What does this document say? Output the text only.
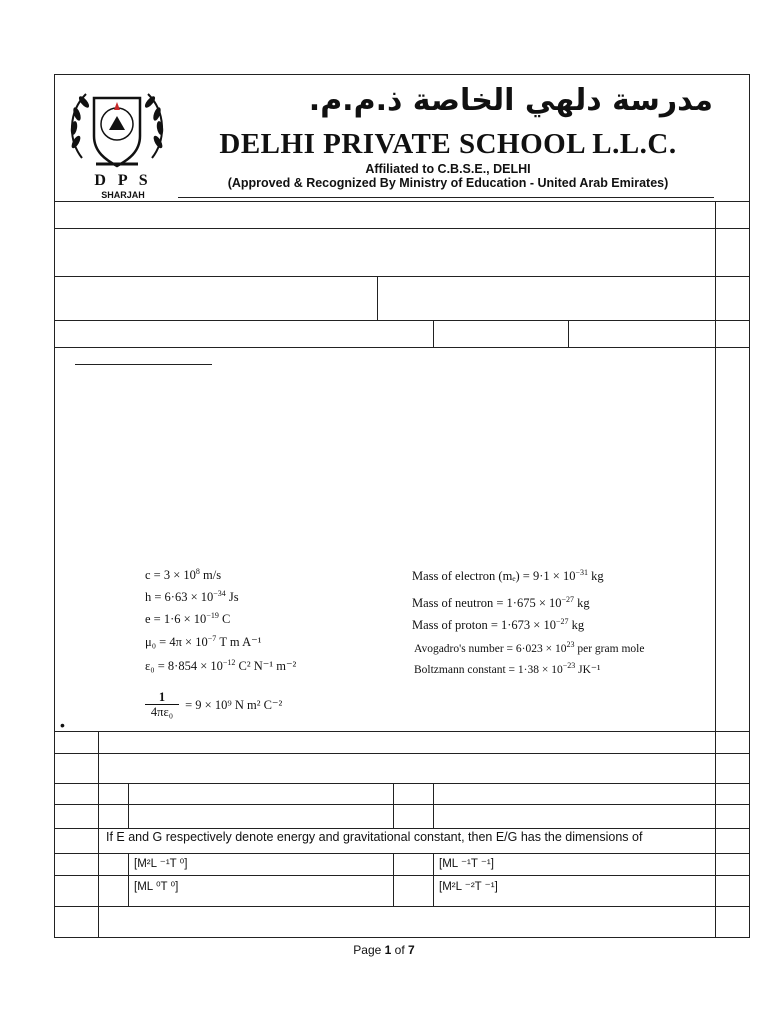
D P S
SHARJAH
مدرسة دلهي الخاصة ذ.م.م.
DELHI PRIVATE SCHOOL L.L.C.
Affiliated to C.B.S.E., DELHI
(Approved & Recognized By Ministry of Education - United Arab Emirates)
$c = 3 \times 10^8$ m/s
$h = 6\cdot 63 \times 10^{-34}$ Js
$e = 1\cdot 6 \times 10^{-19}$ C
$\mu_0 = 4\pi \times 10^{-7}$ T m A⁻¹
$\varepsilon_0 = 8\cdot 854 \times 10^{-12}$ C² N⁻¹ m⁻²
$\frac{1}{\text{4πε₀}} = 9 \times 10^9$ N m² C⁻²
Mass of electron $(m_e) = 9\cdot 1 \times 10^{-31}$ kg
Mass of neutron = $1\cdot 675 \times 10^{-27}$ kg
Mass of proton = $1\cdot 673 \times 10^{-27}$ kg
Avogadro's number = $6\cdot 023 \times 10^{23}$ per gram mole
Boltzmann constant = $1\cdot 38 \times 10^{-23}$ JK⁻¹
•
If E and G respectively denote energy and gravitational constant, then E/G has the dimensions of
[M²L ⁻¹T ⁰]	[ML ⁻¹T ⁻¹]
[ML ⁰T ⁰]	[M²L ⁻²T ⁻¹]
Page 1 of 7
